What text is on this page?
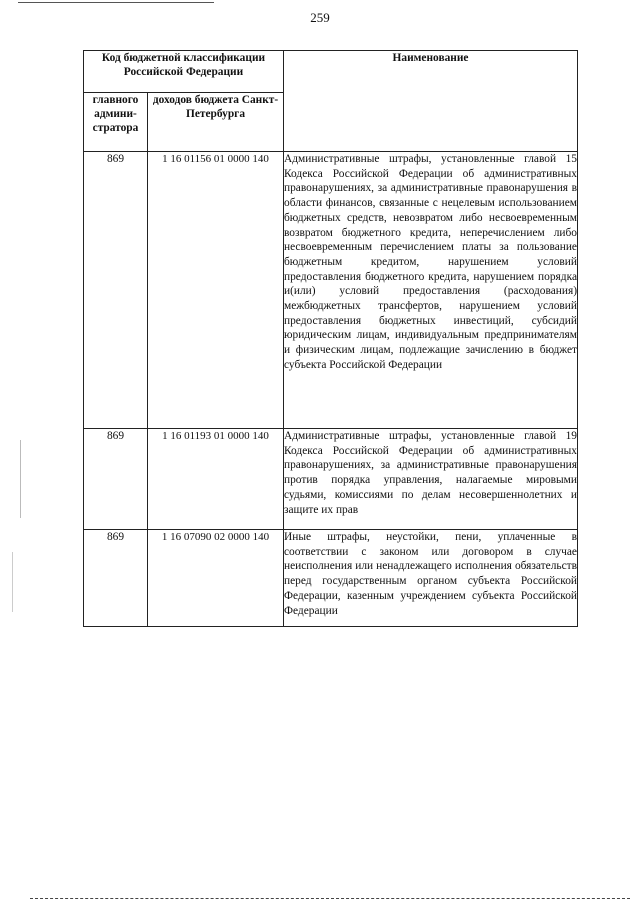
259
Код бюджетной классификации Российской Федерации		Наименование
главного админи-стратора	доходов бюджета Санкт-Петербурга	
869	1 16 01156 01 0000 140	Административные штрафы, установленные главой 15 Кодекса Российской Федерации об административных правонарушениях, за административные правонарушения в области финансов, связанные с нецелевым использованием бюджетных средств, невозвратом либо несвоевременным возвратом бюджетного кредита, неперечислением либо несвоевременным перечислением платы за пользование бюджетным кредитом, нарушением условий предоставления бюджетного кредита, нарушением порядка и(или) условий предоставления (расходования) межбюджетных трансфертов, нарушением условий предоставления бюджетных инвестиций, субсидий юридическим лицам, индивидуальным предпринимателям и физическим лицам, подлежащие зачислению в бюджет субъекта Российской Федерации
869	1 16 01193 01 0000 140	Административные штрафы, установленные главой 19 Кодекса Российской Федерации об административных правонарушениях, за административные правонарушения против порядка управления, налагаемые мировыми судьями, комиссиями по делам несовершеннолетних и защите их прав
869	1 16 07090 02 0000 140	Иные штрафы, неустойки, пени, уплаченные в соответствии с законом или договором в случае неисполнения или ненадлежащего исполнения обязательств перед государственным органом субъекта Российской Федерации, казенным учреждением субъекта Российской Федерации
